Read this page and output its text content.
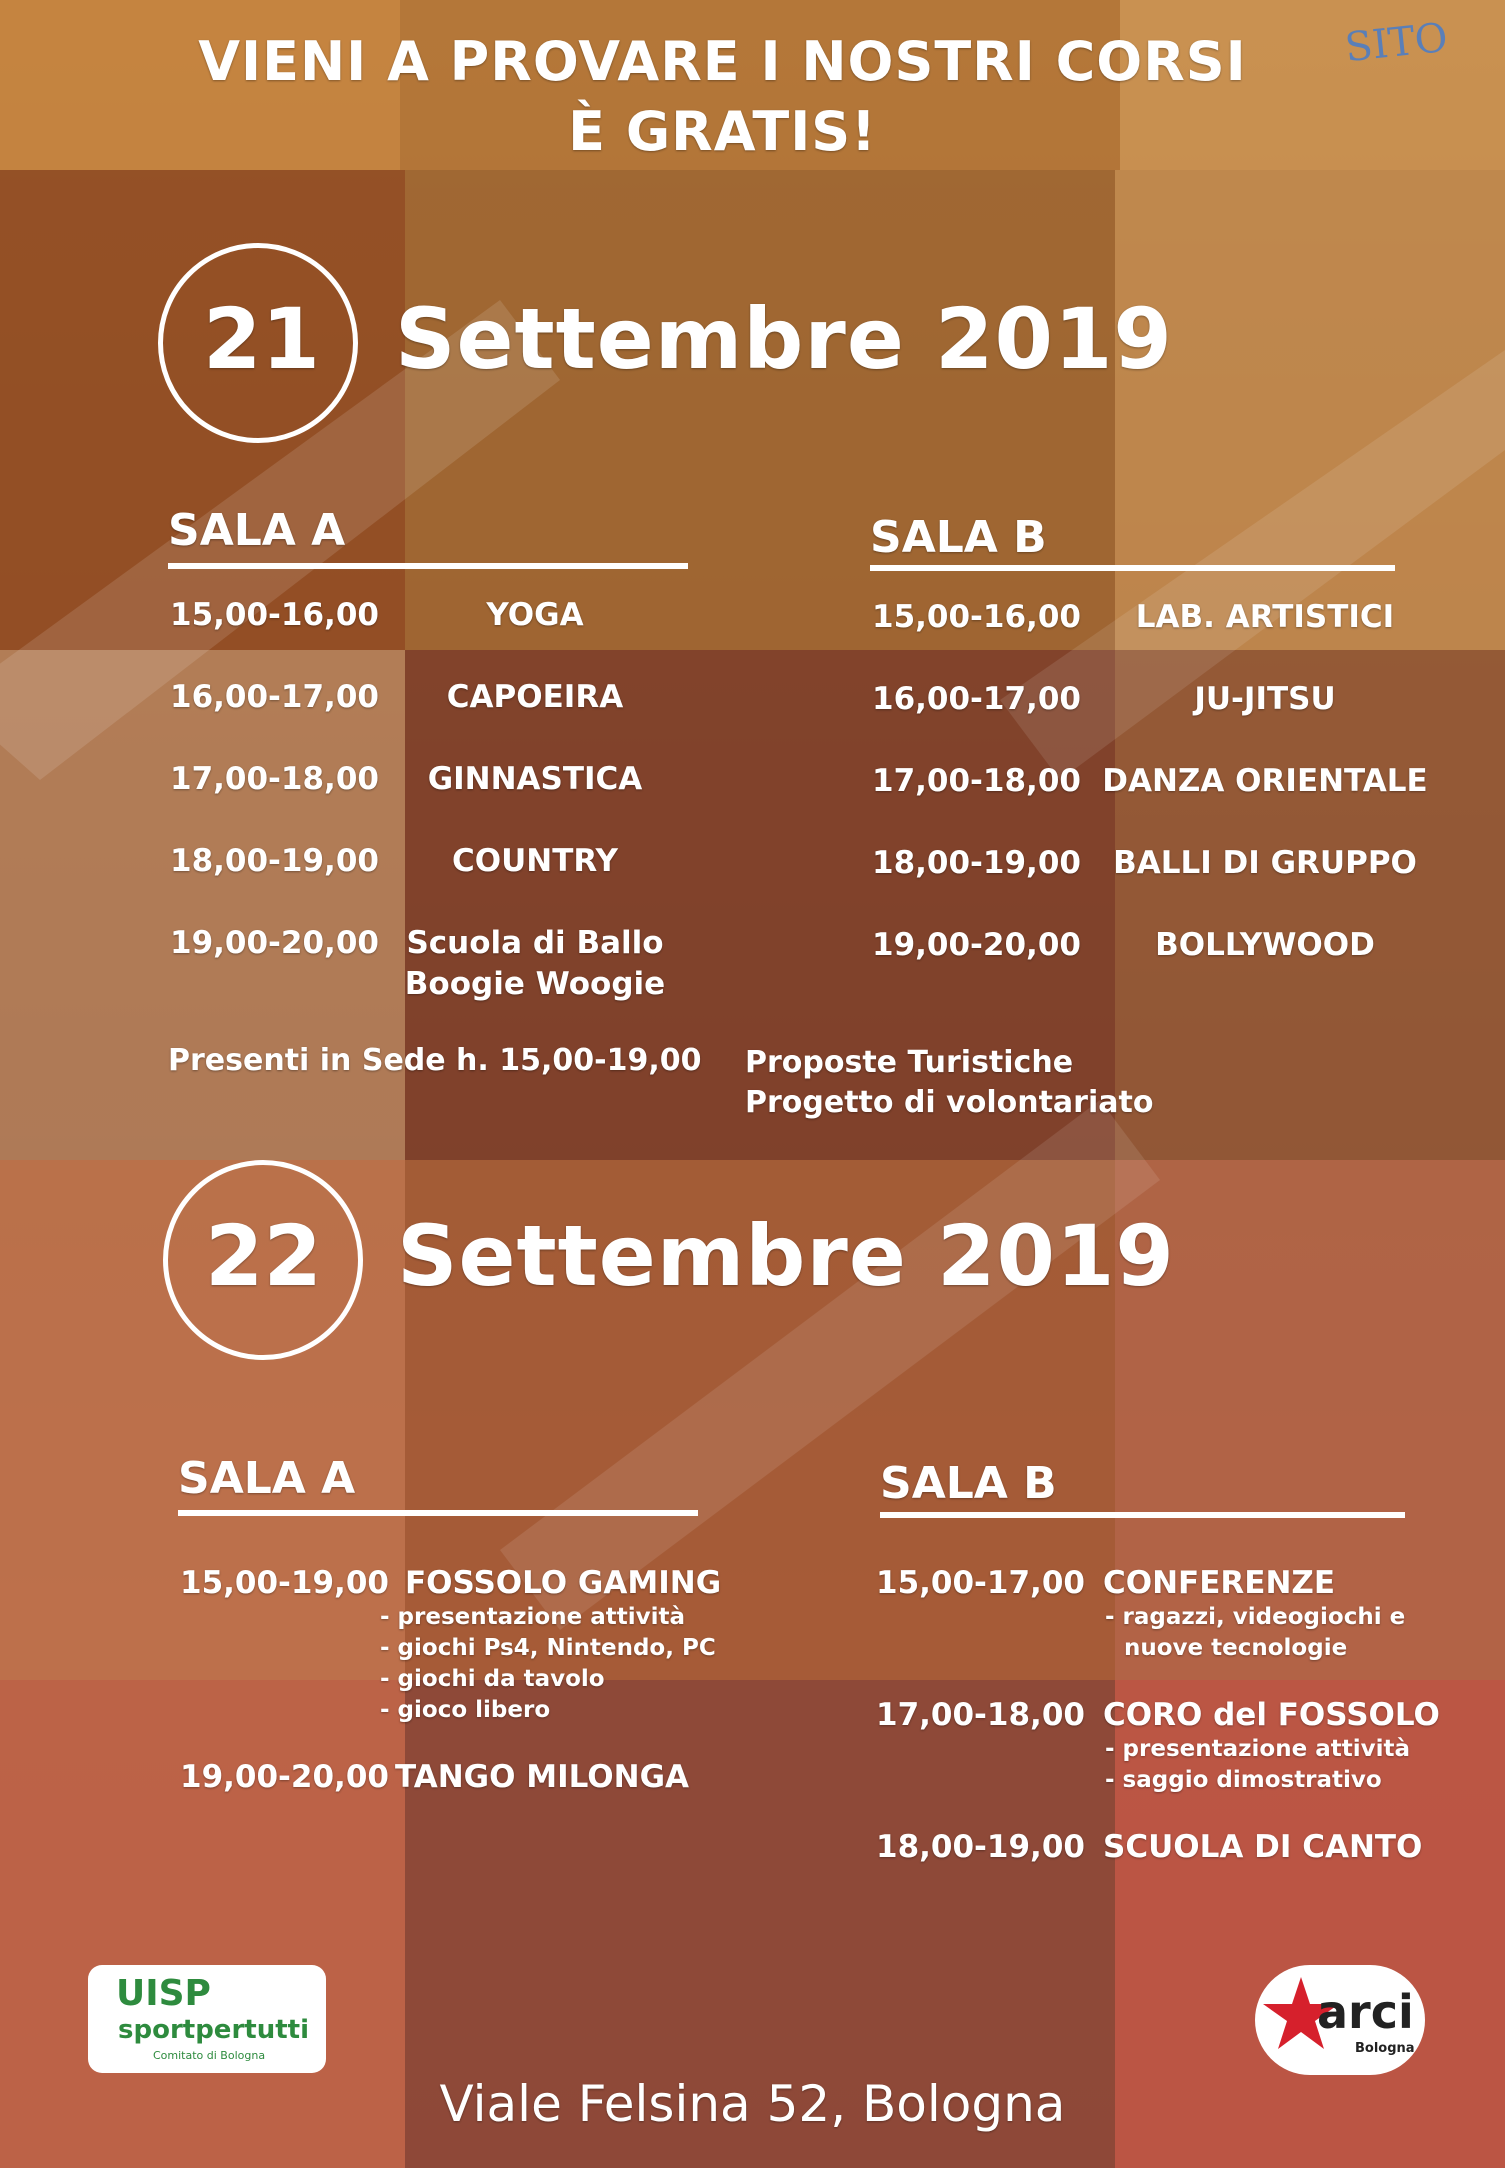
SITO
VIENI A PROVARE I NOSTRI CORSI
È GRATIS!
21 Settembre 2019
SALA A	SALA B
15,00-16,00	YOGA
16,00-17,00	CAPOEIRA
17,00-18,00	GINNASTICA
18,00-19,00	COUNTRY
19,00-20,00 Scuola di Ballo
Boogie Woogie
15,00-16,00	LAB. ARTISTICI
16,00-17,00	JU-JITSU
17,00-18,00 DANZA ORIENTALE
18,00-19,00	BALLI DI GRUPPO
19,00-20,00	BOLLYWOOD
Presenti in Sede h. 15,00-19,00 Proposte Turistiche
Progetto di volontariato
22 Settembre 2019
SALA A	SALA B
15,00-19,00 FOSSOLO GAMING
- presentazione attività
- giochi Ps4, Nintendo, PC
- giochi da tavolo
- gioco libero
19,00-20,00 TANGO MILONGA
15,00-17,00 CONFERENZE
- ragazzi, videogiochi e
nuove tecnologie
17,00-18,00 CORO del FOSSOLO
- presentazione attività
- saggio dimostrativo
18,00-19,00 SCUOLA DI CANTO
UISP
sportpertutti
Comitato di Bologna
arci
Bologna
Viale Felsina 52, Bologna
